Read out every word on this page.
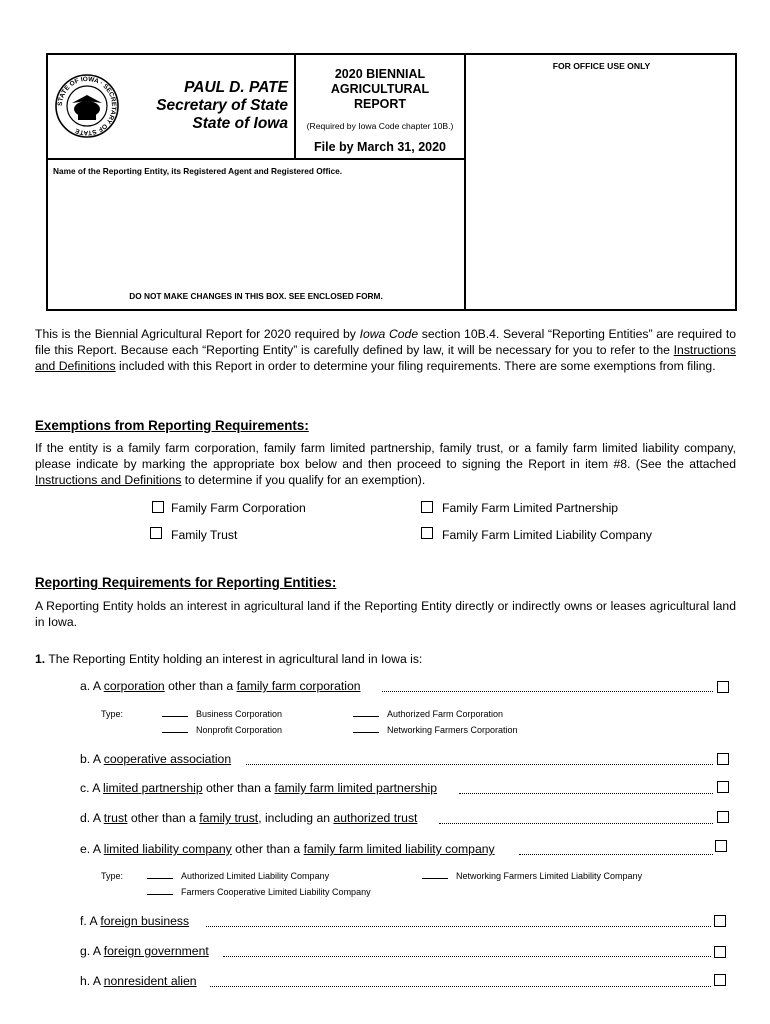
STATE OF IOWA · SECRETARY OF STATE
PAUL D. PATE
Secretary of State
State of Iowa
2020 BIENNIAL
AGRICULTURAL
REPORT
(Required by Iowa Code chapter 10B.)
File by March 31, 2020
FOR OFFICE USE ONLY
Name of the Reporting Entity, its Registered Agent and Registered Office.
DO NOT MAKE CHANGES IN THIS BOX. SEE ENCLOSED FORM.
This is the Biennial Agricultural Report for 2020 required by Iowa Code section 10B.4. Several “Reporting Entities” are required to file this Report. Because each “Reporting Entity” is carefully defined by law, it will be necessary for you to refer to the Instructions and Definitions included with this Report in order to determine your filing requirements. There are some exemptions from filing.
Exemptions from Reporting Requirements:
If the entity is a family farm corporation, family farm limited partnership, family trust, or a family farm limited liability company, please indicate by marking the appropriate box below and then proceed to signing the Report in item #8. (See the attached Instructions and Definitions to determine if you qualify for an exemption).
Family Farm Corporation	Family Farm Limited Partnership
Family Trust	Family Farm Limited Liability Company
Reporting Requirements for Reporting Entities:
A Reporting Entity holds an interest in agricultural land if the Reporting Entity directly or indirectly owns or leases agricultural land in Iowa.
1. The Reporting Entity holding an interest in agricultural land in Iowa is:
a. A corporation other than a family farm corporation
Type:	Business Corporation	Authorized Farm Corporation
Nonprofit Corporation	Networking Farmers Corporation
b. A cooperative association
c. A limited partnership other than a family farm limited partnership
d. A trust other than a family trust, including an authorized trust
e. A limited liability company other than a family farm limited liability company
Type:	Authorized Limited Liability Company	Networking Farmers Limited Liability Company
Farmers Cooperative Limited Liability Company
f. A foreign business
g. A foreign government
h. A nonresident alien
